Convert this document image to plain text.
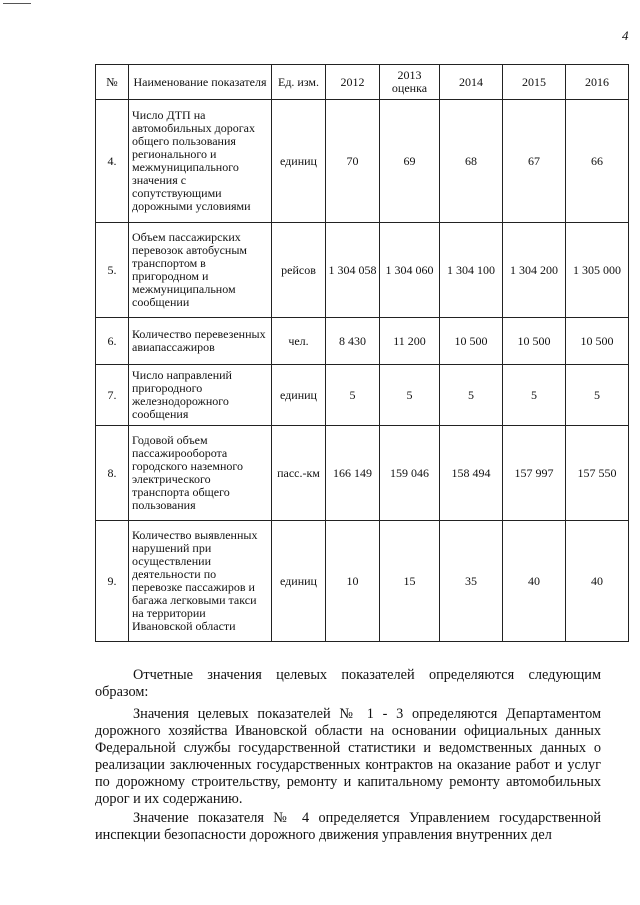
4
№	Наименование показателя	Ед. изм.	2012	2013 оценка	2014	2015	2016
4.	Число ДТП на автомобильных дорогах общего пользования регионального и межмуниципального значения с сопутствующими дорожными условиями	единиц	70	69	68	67	66
5.	Объем пассажирских перевозок автобусным транспортом в пригородном и межмуниципальном сообщении	рейсов	1 304 058	1 304 060	1 304 100	1 304 200	1 305 000
6.	Количество перевезенных авиапассажиров	чел.	8 430	11 200	10 500	10 500	10 500
7.	Число направлений пригородного железнодорожного сообщения	единиц	5	5	5	5	5
8.	Годовой объем пассажирооборота городского наземного электрического транспорта общего пользования	пасс.-км	166 149	159 046	158 494	157 997	157 550
9.	Количество выявленных нарушений при осуществлении деятельности по перевозке пассажиров и багажа легковыми такси на территории Ивановской области	единиц	10	15	35	40	40

Отчетные значения целевых показателей определяются следующим образом:

Значения целевых показателей № 1 - 3 определяются Департаментом дорожного хозяйства Ивановской области на основании официальных данных Федеральной службы государственной статистики и ведомственных данных о реализации заключенных государственных контрактов на оказание работ и услуг по дорожному строительству, ремонту и капитальному ремонту автомобильных дорог и их содержанию.

Значение показателя № 4 определяется Управлением государственной инспекции безопасности дорожного движения управления внутренних дел
